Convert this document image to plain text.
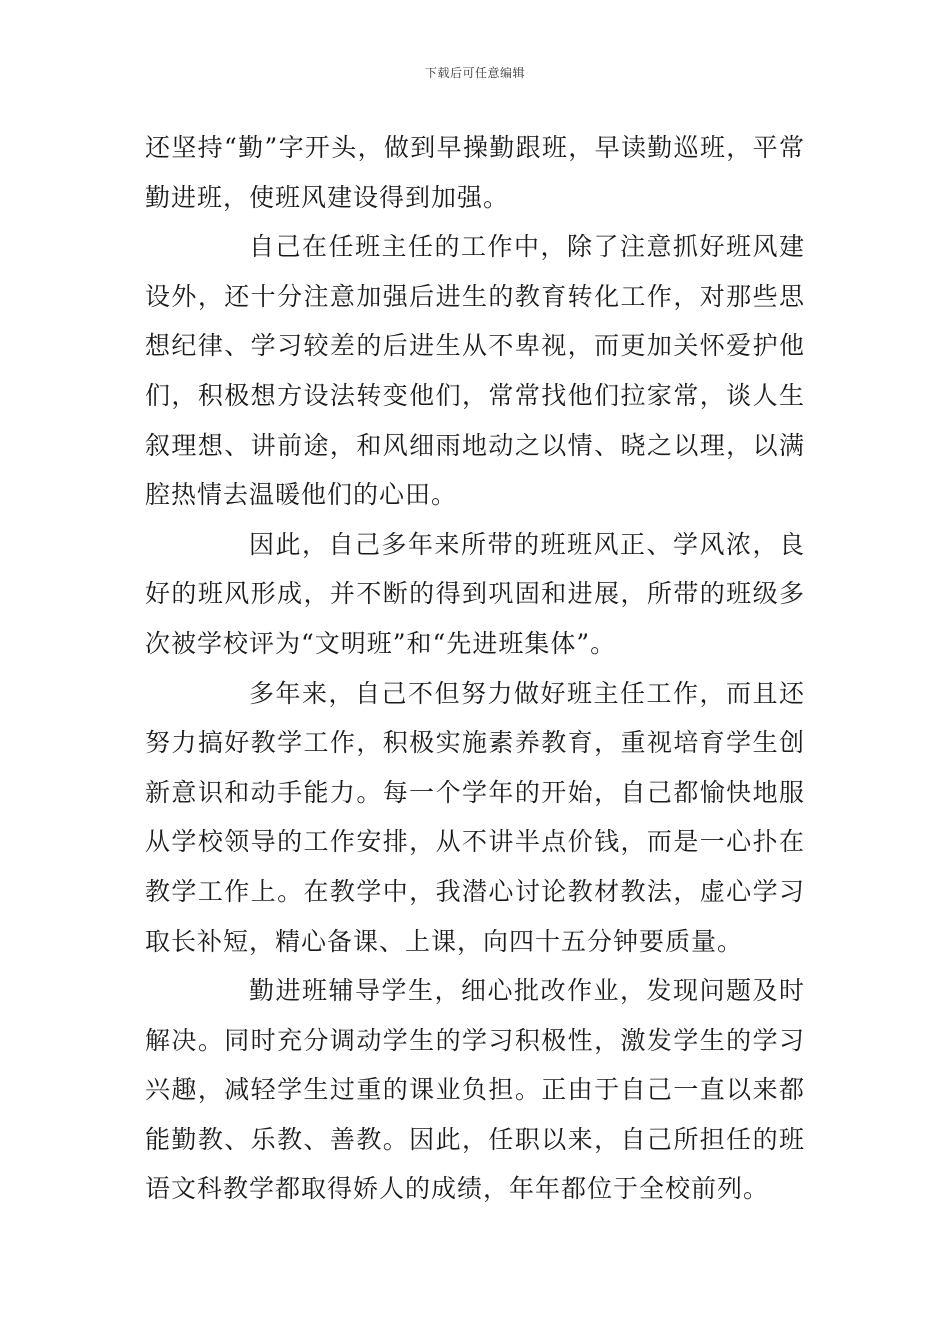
下载后可任意编辑

还坚持“勤”字开头，做到早操勤跟班，早读勤巡班，平常勤进班，使班风建设得到加强。

自己在任班主任的工作中，除了注意抓好班风建设外，还十分注意加强后进生的教育转化工作，对那些思想纪律、学习较差的后进生从不卑视，而更加关怀爱护他们，积极想方设法转变他们，常常找他们拉家常，谈人生叙理想、讲前途，和风细雨地动之以情、晓之以理，以满腔热情去温暖他们的心田。

因此，自己多年来所带的班班风正、学风浓，良好的班风形成，并不断的得到巩固和进展，所带的班级多次被学校评为“文明班”和“先进班集体”。

多年来，自己不但努力做好班主任工作，而且还努力搞好教学工作，积极实施素养教育，重视培育学生创新意识和动手能力。每一个学年的开始，自己都愉快地服从学校领导的工作安排，从不讲半点价钱，而是一心扑在教学工作上。在教学中，我潜心讨论教材教法，虚心学习取长补短，精心备课、上课，向四十五分钟要质量。

勤进班辅导学生，细心批改作业，发现问题及时解决。同时充分调动学生的学习积极性，激发学生的学习兴趣，减轻学生过重的课业负担。正由于自己一直以来都能勤教、乐教、善教。因此，任职以来，自己所担任的班语文科教学都取得娇人的成绩，年年都位于全校前列。
